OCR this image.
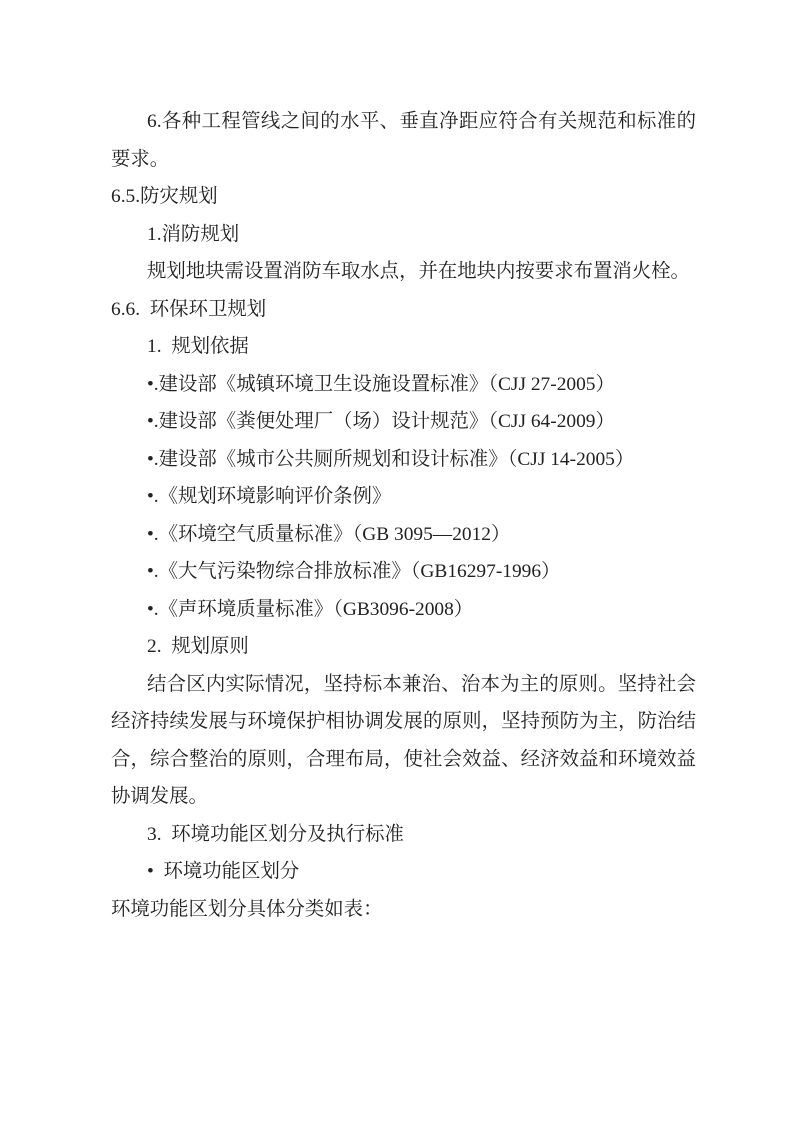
6.各种工程管线之间的水平、垂直净距应符合有关规范和标准的要求。

6.5.防灾规划

1.消防规划

规划地块需设置消防车取水点，并在地块内按要求布置消火栓。

6.6.  环保环卫规划

1.  规划依据

•.建设部《城镇环境卫生设施设置标准》（CJJ 27-2005）

•.建设部《粪便处理厂（场）设计规范》（CJJ 64-2009）

•.建设部《城市公共厕所规划和设计标准》（CJJ 14-2005）

•.《规划环境影响评价条例》

•.《环境空气质量标准》（GB 3095—2012）

•.《大气污染物综合排放标准》（GB16297-1996）

•.《声环境质量标准》（GB3096-2008）

2.  规划原则

结合区内实际情况，坚持标本兼治、治本为主的原则。坚持社会经济持续发展与环境保护相协调发展的原则，坚持预防为主，防治结合，综合整治的原则，合理布局，使社会效益、经济效益和环境效益协调发展。

3.  环境功能区划分及执行标准

•  环境功能区划分

环境功能区划分具体分类如表：
